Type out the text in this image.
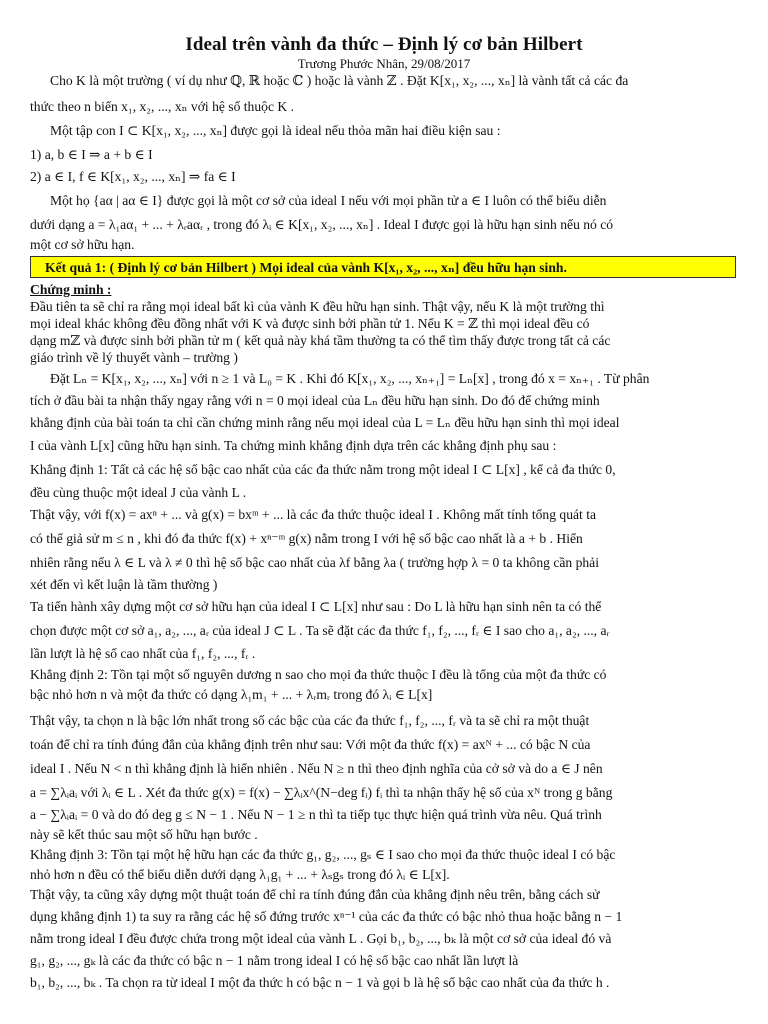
Ideal trên vành đa thức – Định lý cơ bản Hilbert
Trương Phước Nhân, 29/08/2017
Cho K là một trường ( ví dụ như ℚ, ℝ hoặc ℂ ) hoặc là vành ℤ . Đặt K[x₁, x₂, ..., xₙ] là vành tất cả các đa
thức theo n biến x₁, x₂, ..., xₙ với hệ số thuộc K .
Một tập con I ⊂ K[x₁, x₂, ..., xₙ] được gọi là ideal nếu thỏa mãn hai điều kiện sau :
1) a, b ∈ I ⇒ a + b ∈ I
2) a ∈ I, f ∈ K[x₁, x₂, ..., xₙ] ⇒ fa ∈ I
Một họ {aα | aα ∈ I} được gọi là một cơ sở của ideal I nếu với mọi phần tử a ∈ I luôn có thể biểu diễn
dưới dạng a = λ₁aα₁ + ... + λᵣaαᵣ , trong đó λᵢ ∈ K[x₁, x₂, ..., xₙ] . Ideal I được gọi là hữu hạn sinh nếu nó có
một cơ sở hữu hạn.
Kết quả 1: ( Định lý cơ bản Hilbert ) Mọi ideal của vành K[x₁, x₂, ..., xₙ] đều hữu hạn sinh.
Chứng minh :
Đầu tiên ta sẽ chỉ ra rằng mọi ideal bất kì của vành K đều hữu hạn sinh. Thật vậy, nếu K là một trường thì
mọi ideal khác không đều đồng nhất với K và được sinh bởi phần tử 1. Nếu K = ℤ thì mọi ideal đều có
dạng mℤ và được sinh bởi phần tử m ( kết quả này khá tầm thường ta có thể tìm thấy được trong tất cả các
giáo trình về lý thuyết vành – trường )
Đặt Lₙ = K[x₁, x₂, ..., xₙ] với n ≥ 1 và L₀ = K . Khi đó K[x₁, x₂, ..., xₙ₊₁] = Lₙ[x] , trong đó x = xₙ₊₁ . Từ phân
tích ở đầu bài ta nhận thấy ngay rằng với n = 0 mọi ideal của Lₙ đều hữu hạn sinh. Do đó để chứng minh
khẳng định của bài toán ta chỉ cần chứng minh rằng nếu mọi ideal của L = Lₙ đều hữu hạn sinh thì mọi ideal
I của vành L[x] cũng hữu hạn sinh. Ta chứng minh khẳng định dựa trên các khẳng định phụ sau :
Khẳng định 1: Tất cả các hệ số bậc cao nhất của các đa thức nằm trong một ideal I ⊂ L[x] , kể cả đa thức 0,
đều cùng thuộc một ideal J của vành L .
Thật vậy, với f(x) = axⁿ + ... và g(x) = bxᵐ + ... là các đa thức thuộc ideal I . Không mất tính tổng quát ta
có thể giả sử m ≤ n , khi đó đa thức f(x) + xⁿ⁻ᵐ g(x) nằm trong I với hệ số bậc cao nhất là a + b . Hiển
nhiên rằng nếu λ ∈ L và λ ≠ 0 thì hệ số bậc cao nhất của λf bằng λa ( trường hợp λ = 0 ta không cần phải
xét đến vì kết luận là tầm thường )
Ta tiến hành xây dựng một cơ sở hữu hạn của ideal I ⊂ L[x] như sau : Do L là hữu hạn sinh nên ta có thể
chọn được một cơ sở a₁, a₂, ..., aᵣ của ideal J ⊂ L . Ta sẽ đặt các đa thức f₁, f₂, ..., fᵣ ∈ I sao cho a₁, a₂, ..., aᵣ
lần lượt là hệ số cao nhất của f₁, f₂, ..., fᵣ .
Khẳng định 2: Tồn tại một số nguyên dương n sao cho mọi đa thức thuộc I đều là tổng của một đa thức có
bậc nhỏ hơn n và một đa thức có dạng λ₁m₁ + ... + λᵣmᵣ trong đó λᵢ ∈ L[x]
Thật vậy, ta chọn n là bậc lớn nhất trong số các bậc của các đa thức f₁, f₂, ..., fᵣ và ta sẽ chỉ ra một thuật
toán để chỉ ra tính đúng đắn của khẳng định trên như sau: Với một đa thức f(x) = axᴺ + ... có bậc N của
ideal I . Nếu N < n thì khẳng định là hiển nhiên . Nếu N ≥ n thì theo định nghĩa của cở sở và do a ∈ J nên
a = ∑λᵢaᵢ với λᵢ ∈ L . Xét đa thức g(x) = f(x) − ∑λᵢx^(N−deg fᵢ) fᵢ thì ta nhận thấy hệ số của xᴺ trong g bằng
a − ∑λᵢaᵢ = 0 và do đó deg g ≤ N − 1 . Nếu N − 1 ≥ n thì ta tiếp tục thực hiện quá trình vừa nêu. Quá trình
này sẽ kết thúc sau một số hữu hạn bước .
Khẳng định 3: Tồn tại một hệ hữu hạn các đa thức g₁, g₂, ..., gₛ ∈ I sao cho mọi đa thức thuộc ideal I có bậc
nhỏ hơn n đều có thể biểu diễn dưới dạng λ₁g₁ + ... + λₛgₛ trong đó λᵢ ∈ L[x].
Thật vậy, ta cũng xây dựng một thuật toán để chỉ ra tính đúng đắn của khẳng định nêu trên, bằng cách sử
dụng khẳng định 1) ta suy ra rằng các hệ số đứng trước xⁿ⁻¹ của các đa thức có bậc nhỏ thua hoặc bằng n − 1
nằm trong ideal I đều được chứa trong một ideal của vành L . Gọi b₁, b₂, ..., bₖ là một cơ sở của ideal đó và
g₁, g₂, ..., gₖ là các đa thức có bậc n − 1 nằm trong ideal I có hệ số bậc cao nhất lần lượt là
b₁, b₂, ..., bₖ . Ta chọn ra từ ideal I một đa thức h có bậc n − 1 và gọi b là hệ số bậc cao nhất của đa thức h .
